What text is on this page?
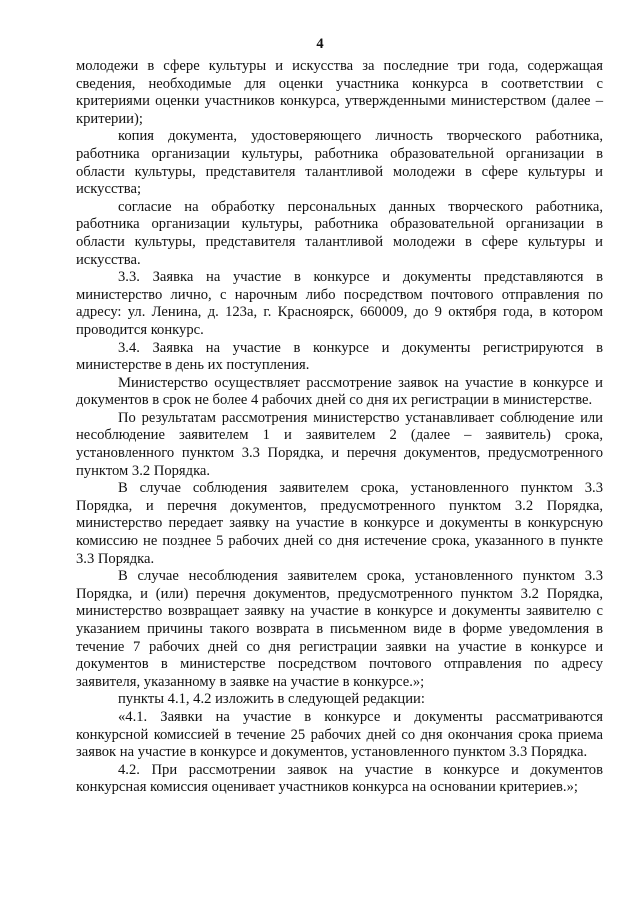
4

молодежи в сфере культуры и искусства за последние три года, содержащая сведения, необходимые для оценки участника конкурса в соответствии с критериями оценки участников конкурса, утвержденными министерством (далее – критерии);

копия документа, удостоверяющего личность творческого работника, работника организации культуры, работника образовательной организации в области культуры, представителя талантливой молодежи в сфере культуры и искусства;

согласие на обработку персональных данных творческого работника, работника организации культуры, работника образовательной организации в области культуры, представителя талантливой молодежи в сфере культуры и искусства.

3.3. Заявка на участие в конкурсе и документы представляются в министерство лично, с нарочным либо посредством почтового отправления по адресу: ул. Ленина, д. 123а, г. Красноярск, 660009, до 9 октября года, в котором проводится конкурс.

3.4. Заявка на участие в конкурсе и документы регистрируются в министерстве в день их поступления.

Министерство осуществляет рассмотрение заявок на участие в конкурсе и документов в срок не более 4 рабочих дней со дня их регистрации в министерстве.

По результатам рассмотрения министерство устанавливает соблюдение или несоблюдение заявителем 1 и заявителем 2 (далее – заявитель) срока, установленного пунктом 3.3 Порядка, и перечня документов, предусмотренного пунктом 3.2 Порядка.

В случае соблюдения заявителем срока, установленного пунктом 3.3 Порядка, и перечня документов, предусмотренного пунктом 3.2 Порядка, министерство передает заявку на участие в конкурсе и документы в конкурсную комиссию не позднее 5 рабочих дней со дня истечение срока, указанного в пункте 3.3 Порядка.

В случае несоблюдения заявителем срока, установленного пунктом 3.3 Порядка, и (или) перечня документов, предусмотренного пунктом 3.2 Порядка, министерство возвращает заявку на участие в конкурсе и документы заявителю с указанием причины такого возврата в письменном виде в форме уведомления в течение 7 рабочих дней со дня регистрации заявки на участие в конкурсе и документов в министерстве посредством почтового отправления по адресу заявителя, указанному в заявке на участие в конкурсе.»;

пункты 4.1, 4.2 изложить в следующей редакции:

«4.1. Заявки на участие в конкурсе и документы рассматриваются конкурсной комиссией в течение 25 рабочих дней со дня окончания срока приема заявок на участие в конкурсе и документов, установленного пунктом 3.3 Порядка.

4.2. При рассмотрении заявок на участие в конкурсе и документов конкурсная комиссия оценивает участников конкурса на основании критериев.»;
